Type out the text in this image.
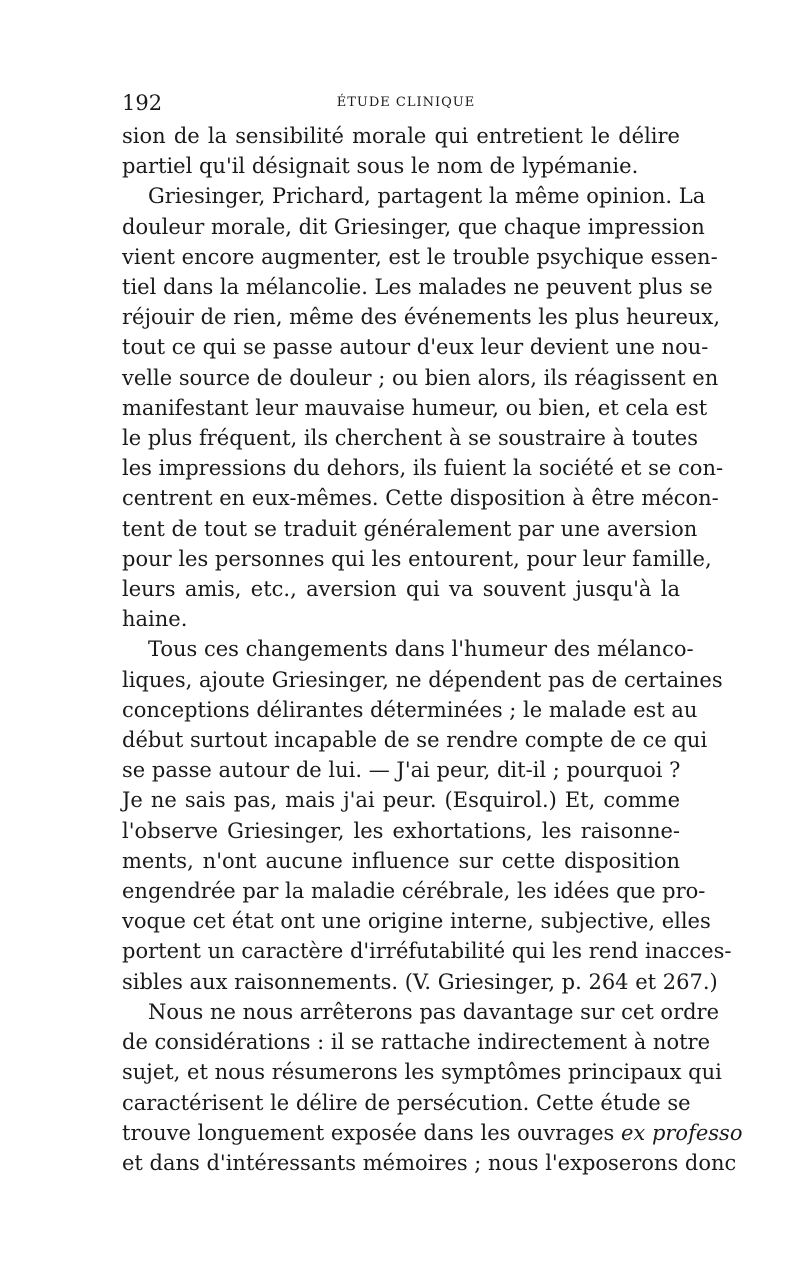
192	ÉTUDE CLINIQUE

sion de la sensibilité morale qui entretient le délire
partiel qu'il désignait sous le nom de lypémanie.

Griesinger, Prichard, partagent la même opinion. La
douleur morale, dit Griesinger, que chaque impression
vient encore augmenter, est le trouble psychique essen-
tiel dans la mélancolie. Les malades ne peuvent plus se
réjouir de rien, même des événements les plus heureux,
tout ce qui se passe autour d'eux leur devient une nou-
velle source de douleur ; ou bien alors, ils réagissent en
manifestant leur mauvaise humeur, ou bien, et cela est
le plus fréquent, ils cherchent à se soustraire à toutes
les impressions du dehors, ils fuient la société et se con-
centrent en eux-mêmes. Cette disposition à être mécon-
tent de tout se traduit généralement par une aversion
pour les personnes qui les entourent, pour leur famille,
leurs amis, etc., aversion qui va souvent jusqu'à la
haine.

Tous ces changements dans l'humeur des mélanco-
liques, ajoute Griesinger, ne dépendent pas de certaines
conceptions délirantes déterminées ; le malade est au
début surtout incapable de se rendre compte de ce qui
se passe autour de lui. — J'ai peur, dit-il ; pourquoi ?
Je ne sais pas, mais j'ai peur. (Esquirol.) Et, comme
l'observe Griesinger, les exhortations, les raisonne-
ments, n'ont aucune influence sur cette disposition
engendrée par la maladie cérébrale, les idées que pro-
voque cet état ont une origine interne, subjective, elles
portent un caractère d'irréfutabilité qui les rend inacces-
sibles aux raisonnements. (V. Griesinger, p. 264 et 267.)

Nous ne nous arrêterons pas davantage sur cet ordre
de considérations : il se rattache indirectement à notre
sujet, et nous résumerons les symptômes principaux qui
caractérisent le délire de persécution. Cette étude se
trouve longuement exposée dans les ouvrages ex professo
et dans d'intéressants mémoires ; nous l'exposerons donc
